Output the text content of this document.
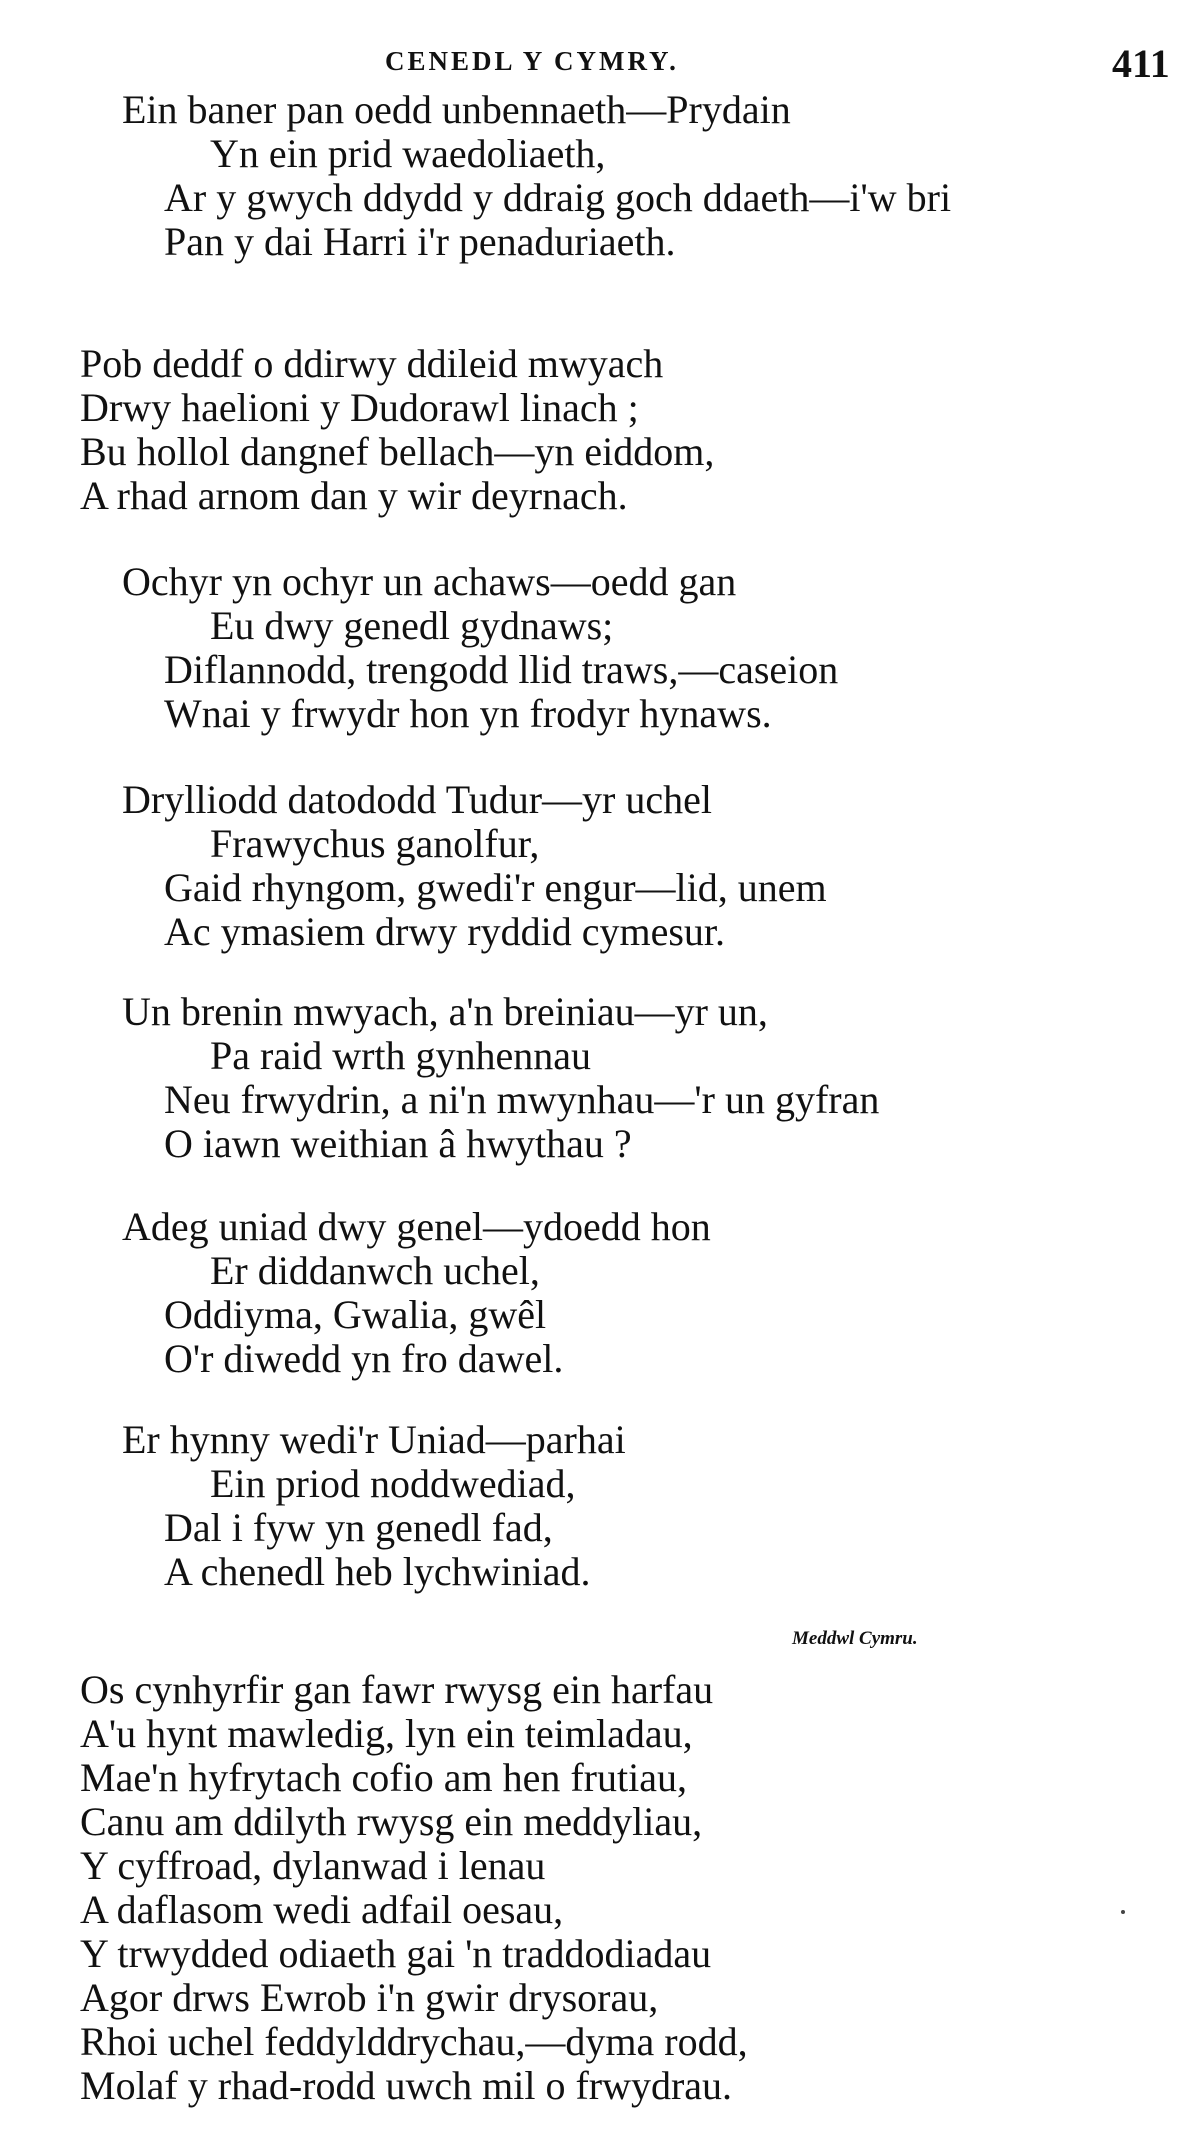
CENEDL Y CYMRY.	411
Ein baner pan oedd unbennaeth—Prydain
Yn ein prid waedoliaeth,
Ar y gwych ddydd y ddraig goch ddaeth—i'w bri
Pan y dai Harri i'r penaduriaeth.
Pob deddf o ddirwy ddileid mwyach
Drwy haelioni y Dudorawl linach ;
Bu hollol dangnef bellach—yn eiddom,
A rhad arnom dan y wir deyrnach.
Ochyr yn ochyr un achaws—oedd gan
Eu dwy genedl gydnaws;
Diflannodd, trengodd llid traws,—caseion
Wnai y frwydr hon yn frodyr hynaws.
Drylliodd datododd Tudur—yr uchel
Frawychus ganolfur,
Gaid rhyngom, gwedi'r engur—lid, unem
Ac ymasiem drwy ryddid cymesur.
Un brenin mwyach, a'n breiniau—yr un,
Pa raid wrth gynhennau
Neu frwydrin, a ni'n mwynhau—'r un gyfran
O iawn weithian â hwythau ?
Adeg uniad dwy genel—ydoedd hon
Er diddanwch uchel,
Oddiyma, Gwalia, gwêl
O'r diwedd yn fro dawel.
Er hynny wedi'r Uniad—parhai
Ein priod noddwediad,
Dal i fyw yn genedl fad,
A chenedl heb lychwiniad.
Meddwl Cymru.
Os cynhyrfir gan fawr rwysg ein harfau
A'u hynt mawledig, lyn ein teimladau,
Mae'n hyfrytach cofio am hen frutiau,
Canu am ddilyth rwysg ein meddyliau,
Y cyffroad, dylanwad i lenau
A daflasom wedi adfail oesau,
Y trwydded odiaeth gai 'n traddodiadau
Agor drws Ewrob i'n gwir drysorau,
Rhoi uchel feddylddrychau,—dyma rodd,
Molaf y rhad-rodd uwch mil o frwydrau.
